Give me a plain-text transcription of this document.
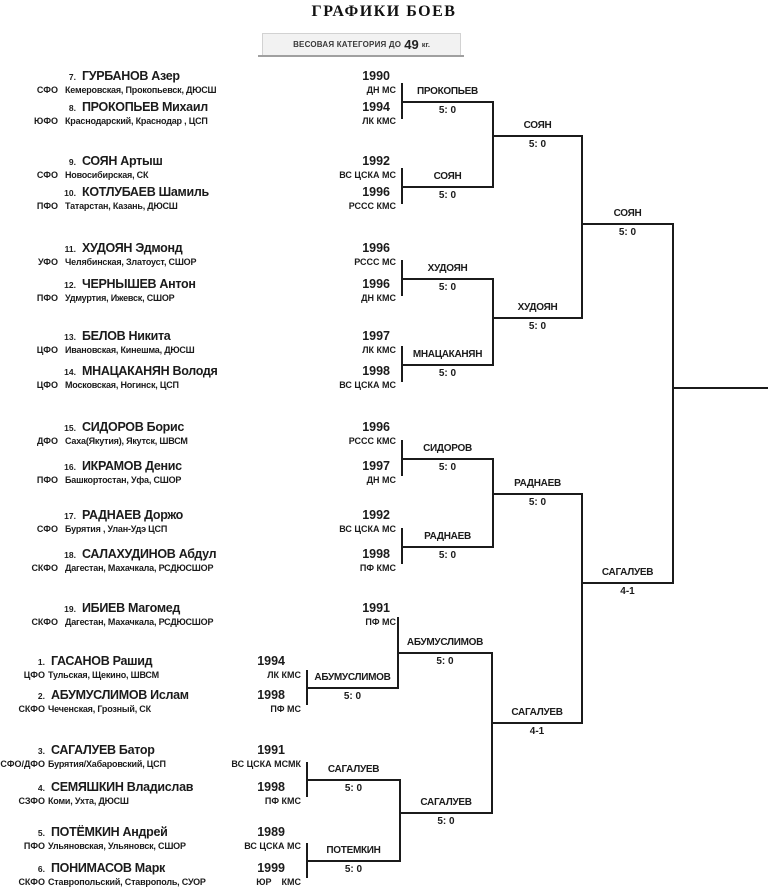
ГРАФИКИ БОЕВ
ВЕСОВАЯ КАТЕГОРИЯ ДО 49 кг.
7. ГУРБАНОВ Азер	1990
СФО Кемеровская, Прокопьевск, ДЮСШ	ДН МС
8. ПРОКОПЬЕВ Михаил	1994
ЮФО Краснодарский, Краснодар , ЦСП	ЛК КМС
9. СОЯН Артыш	1992
СФО Новосибирская, СК	ВС ЦСКА МС
10. КОТЛУБАЕВ Шамиль	1996
ПФО Татарстан, Казань, ДЮСШ	РССС КМС
11. ХУДОЯН Эдмонд	1996
УФО Челябинская, Златоуст, СШОР	РССС МС
12. ЧЕРНЫШЕВ Антон	1996
ПФО Удмуртия, Ижевск, СШОР	ДН КМС
13. БЕЛОВ Никита	1997
ЦФО Ивановская, Кинешма, ДЮСШ	ЛК КМС
14. МНАЦАКАНЯН Володя	1998
ЦФО Московская, Ногинск, ЦСП	ВС ЦСКА МС
15. СИДОРОВ Борис	1996
ДФО Саха(Якутия), Якутск, ШВСМ	РССС КМС
16. ИКРАМОВ Денис	1997
ПФО Башкортостан, Уфа, СШОР	ДН МС
17. РАДНАЕВ Доржо	1992
СФО Бурятия , Улан-Удэ ЦСП	ВС ЦСКА МС
18. САЛАХУДИНОВ Абдул	1998
СКФО Дагестан, Махачкала, РСДЮСШОР	ПФ КМС
19. ИБИЕВ Магомед	1991
СКФО Дагестан, Махачкала, РСДЮСШОР	ПФ МС
1. ГАСАНОВ Рашид	1994
ЦФО Тульская, Щекино, ШВСМ	ЛК КМС
2. АБУМУСЛИМОВ Ислам	1998
СКФО Чеченская, Грозный, СК	ПФ МС
3. САГАЛУЕВ Батор	1991
СФО/ДФО Бурятия/Хабаровский, ЦСП	ВС ЦСКА МСМК
4. СЕМЯШКИН Владислав	1998
СЗФО Коми, Ухта, ДЮСШ	ПФ КМС
5. ПОТЁМКИН Андрей	1989
ПФО Ульяновская, Ульяновск, СШОР	ВС ЦСКА МС
6. ПОНИМАСОВ Марк	1999
СКФО Ставропольский, Ставрополь, СУОР	ЮР    КМС
ПРОКОПЬЕВ
5: 0
СОЯН
5: 0
ХУДОЯН
5: 0
МНАЦАКАНЯН
5: 0
СИДОРОВ
5: 0
РАДНАЕВ
5: 0
СОЯН
5: 0
ХУДОЯН
5: 0
РАДНАЕВ
5: 0
СОЯН
5: 0
САГАЛУЕВ
4-1
АБУМУСЛИМОВ
5: 0
АБУМУСЛИМОВ
5: 0
САГАЛУЕВ
5: 0
ПОТЕМКИН
5: 0
САГАЛУЕВ
5: 0
САГАЛУЕВ
4-1
